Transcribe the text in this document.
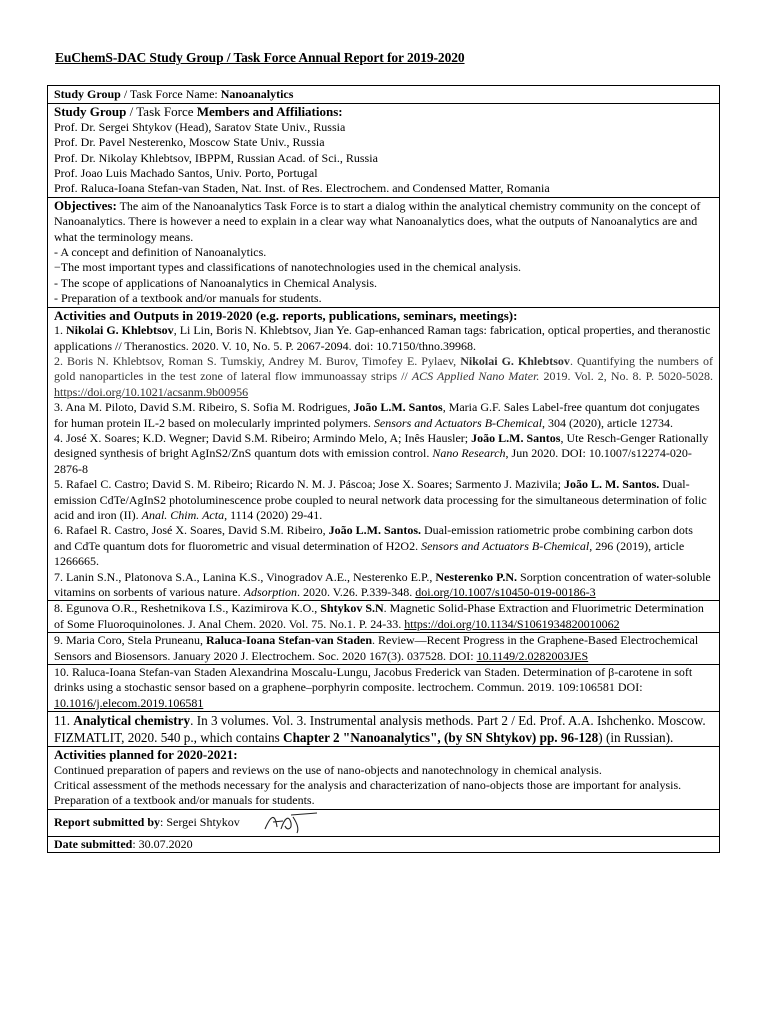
EuChemS-DAC Study Group / Task Force Annual Report for 2019-2020
Study Group / Task Force Name: Nanoanalytics

Study Group / Task Force Members and Affiliations:
Prof. Dr. Sergei Shtykov (Head), Saratov State Univ., Russia
Prof. Dr. Pavel Nesterenko, Moscow State Univ., Russia
Prof. Dr. Nikolay Khlebtsov, IBPPM, Russian Acad. of Sci., Russia
Prof. Joao Luis Machado Santos, Univ. Porto, Portugal
Prof. Raluca-Ioana Stefan-van Staden, Nat. Inst. of Res. Electrochem. and Condensed Matter, Romania

Objectives: The aim of the Nanoanalytics Task Force is to start a dialog within the analytical chemistry community on the concept of Nanoanalytics. There is however a need to explain in a clear way what Nanoanalytics does, what the outputs of Nanoanalytics are and what the terminology means.
- A concept and definition of Nanoanalytics.
−The most important types and classifications of nanotechnologies used in the chemical analysis.
- The scope of applications of Nanoanalytics in Chemical Analysis.
- Preparation of a textbook and/or manuals for students.

Activities and Outputs in 2019-2020 (e.g. reports, publications, seminars, meetings):
1. Nikolai G. Khlebtsov, Li Lin, Boris N. Khlebtsov, Jian Ye. Gap-enhanced Raman tags: fabrication, optical properties, and theranostic applications // Theranostics. 2020. V. 10, No. 5. P. 2067-2094. doi: 10.7150/thno.39968.
2. Boris N. Khlebtsov, Roman S. Tumskiy, Andrey M. Burov, Timofey E. Pylaev, Nikolai G. Khlebtsov. Quantifying the numbers of gold nanoparticles in the test zone of lateral flow immunoassay strips // ACS Applied Nano Mater. 2019. Vol. 2, No. 8. P. 5020-5028. https://doi.org/10.1021/acsanm.9b00956
3. Ana M. Piloto, David S.M. Ribeiro, S. Sofia M. Rodrigues, João L.M. Santos, Maria G.F. Sales Label-free quantum dot conjugates for human protein IL-2 based on molecularly imprinted polymers. Sensors and Actuators B-Chemical, 304 (2020), article 12734.
4. José X. Soares; K.D. Wegner; David S.M. Ribeiro; Armindo Melo, A; Inês Hausler; João L.M. Santos, Ute Resch-Genger Rationally designed synthesis of bright AgInS2/ZnS quantum dots with emission control. Nano Research, Jun 2020. DOI: 10.1007/s12274-020-2876-8
5. Rafael C. Castro; David S. M. Ribeiro; Ricardo N. M. J. Páscoa; Jose X. Soares; Sarmento J. Mazivila; João L. M. Santos. Dual-emission CdTe/AgInS2 photoluminescence probe coupled to neural network data processing for the simultaneous determination of folic acid and iron (II). Anal. Chim. Acta, 1114 (2020) 29-41.
6. Rafael R. Castro, José X. Soares, David S.M. Ribeiro, João L.M. Santos. Dual-emission ratiometric probe combining carbon dots and CdTe quantum dots for fluorometric and visual determination of H2O2. Sensors and Actuators B-Chemical, 296 (2019), article 1266665.
7. Lanin S.N., Platonova S.A., Lanina K.S., Vinogradov A.E., Nesterenko E.P., Nesterenko P.N. Sorption concentration of water-soluble vitamins on sorbents of various nature. Adsorption. 2020. V.26. P.339-348. doi.org/10.1007/s10450-019-00186-3
8. Egunova O.R., Reshetnikova I.S., Kazimirova K.O., Shtykov S.N. Magnetic Solid-Phase Extraction and Fluorimetric Determination of Some Fluoroquinolones. J. Anal Chem. 2020. Vol. 75. No.1. P. 24-33. https://doi.org/10.1134/S1061934820010062
9. Maria Coro, Stela Pruneanu, Raluca-Ioana Stefan-van Staden. Review—Recent Progress in the Graphene-Based Electrochemical Sensors and Biosensors. January 2020 J. Electrochem. Soc. 2020 167(3). 037528. DOI: 10.1149/2.0282003JES
10. Raluca-Ioana Stefan-van Staden Alexandrina Moscalu-Lungu, Jacobus Frederick van Staden. Determination of β-carotene in soft drinks using a stochastic sensor based on a graphene–porphyrin composite. lectrochem. Commun. 2019. 109:106581 DOI: 10.1016/j.elecom.2019.106581
11. Analytical chemistry. In 3 volumes. Vol. 3. Instrumental analysis methods. Part 2 / Ed. Prof. A.A. Ishchenko. Moscow. FIZMATLIT, 2020. 540 p., which contains Chapter 2 "Nanoanalytics", (by SN Shtykov) pp. 96-128) (in Russian).

Activities planned for 2020-2021:
Continued preparation of papers and reviews on the use of nano-objects and nanotechnology in chemical analysis.
Critical assessment of the methods necessary for the analysis and characterization of nano-objects those are important for analysis.
Preparation of a textbook and/or manuals for students.

Report submitted by: Sergei Shtykov

Date submitted: 30.07.2020
